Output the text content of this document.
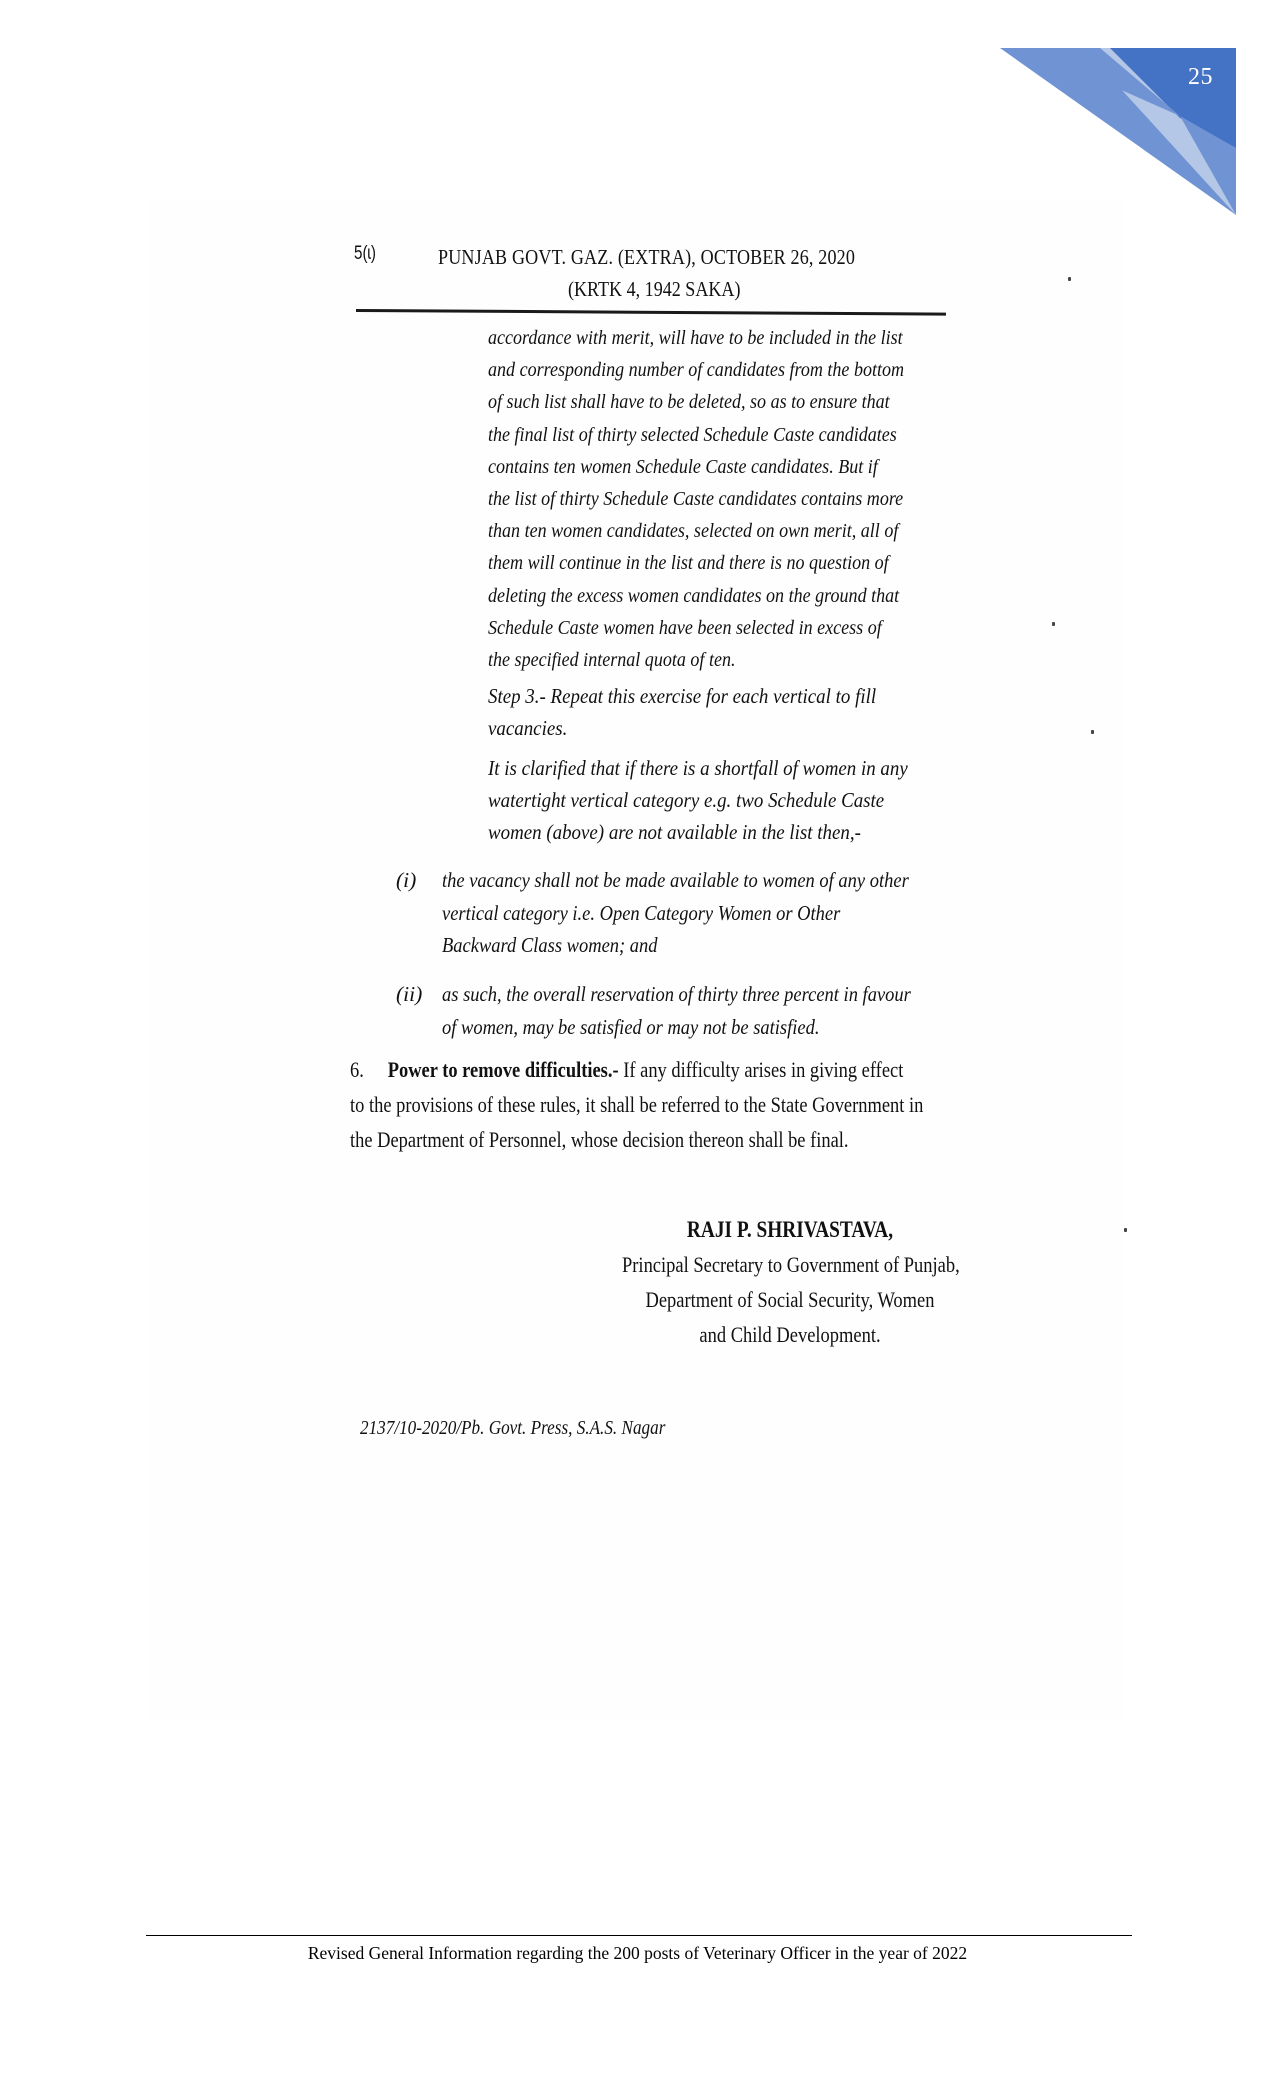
25
5(ɩ)	PUNJAB GOVT. GAZ. (EXTRA), OCTOBER 26, 2020
(KRTK 4, 1942 SAKA)
accordance with merit, will have to be included in the list
and corresponding number of candidates from the bottom
of such list shall have to be deleted, so as to ensure that
the final list of thirty selected Schedule Caste candidates
contains ten women Schedule Caste candidates. But if
the list of thirty Schedule Caste candidates contains more
than ten women candidates, selected on own merit, all of
them will continue in the list and there is no question of
deleting the excess women candidates on the ground that
Schedule Caste women have been selected in excess of
the specified internal quota of ten.
Step 3.- Repeat this exercise for each vertical to fill
vacancies.
It is clarified that if there is a shortfall of women in any
watertight vertical category e.g. two Schedule Caste
women (above) are not available in the list then,-
(i) the vacancy shall not be made available to women of any other
vertical category i.e. Open Category Women or Other
Backward Class women; and
(ii) as such, the overall reservation of thirty three percent in favour
of women, may be satisfied or may not be satisfied.
6. Power to remove difficulties.- If any difficulty arises in giving effect
to the provisions of these rules, it shall be referred to the State Government in
the Department of Personnel, whose decision thereon shall be final.
RAJI P. SHRIVASTAVA,
Principal Secretary to Government of Punjab,
Department of Social Security, Women
and Child Development.
2137/10-2020/Pb. Govt. Press, S.A.S. Nagar
Revised General Information regarding the 200 posts of Veterinary Officer in the year of 2022
